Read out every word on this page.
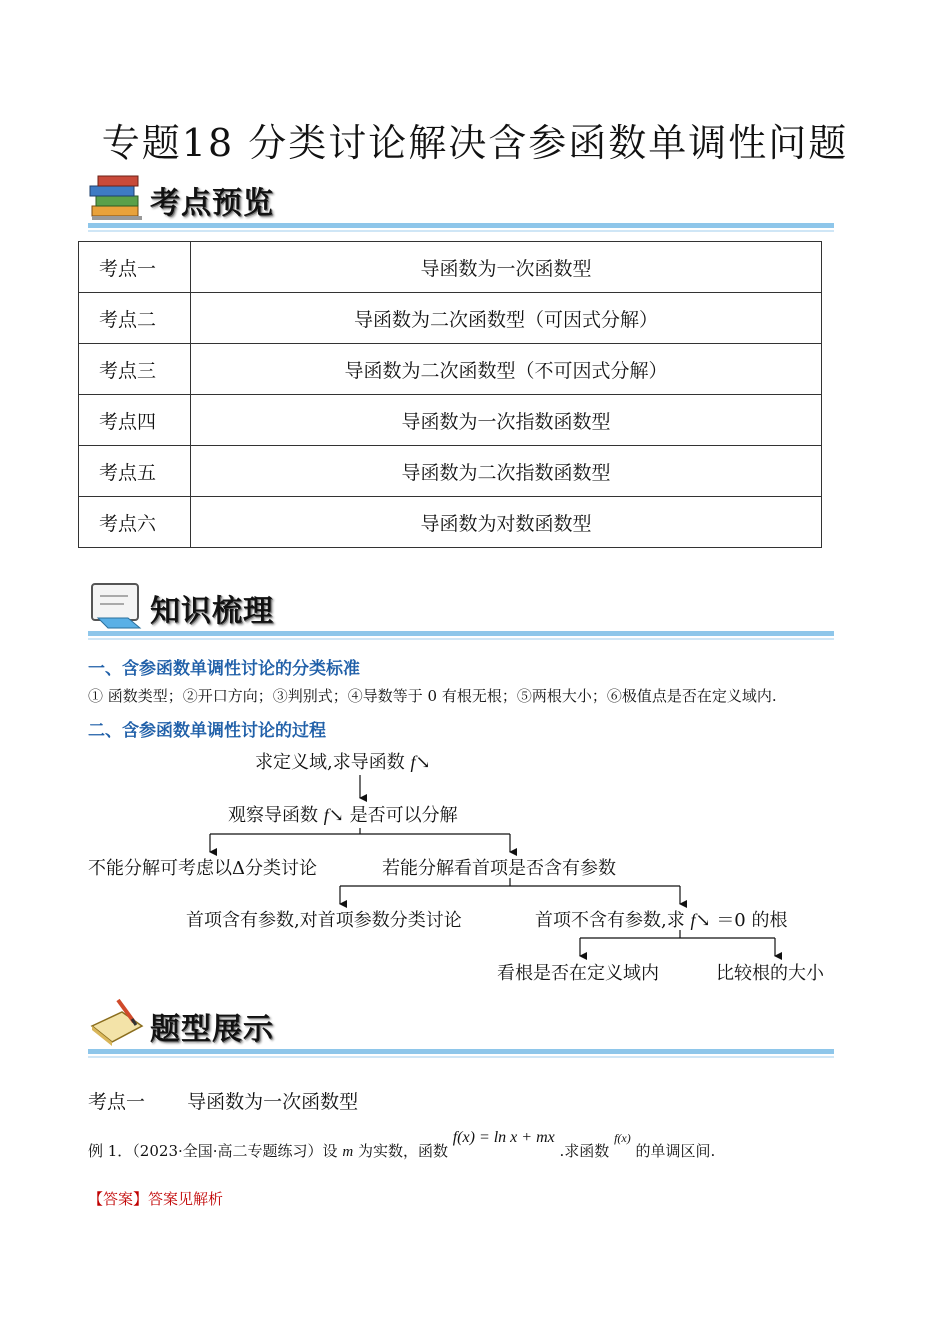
专题18 分类讨论解决含参函数单调性问题
考点预览
考点一	导函数为一次函数型
考点二	导函数为二次函数型（可因式分解）
考点三	导函数为二次函数型（不可因式分解）
考点四	导函数为一次指数函数型
考点五	导函数为二次指数函数型
考点六	导函数为对数函数型
知识梳理
一、含参函数单调性讨论的分类标准
① 函数类型；②开口方向；③判别式；④导数等于 0 有根无根；⑤两根大小；⑥极值点是否在定义域内.
二、含参函数单调性讨论的过程
求定义域,求导函数 f↘
观察导函数 f↘ 是否可以分解
不能分解可考虑以Δ分类讨论	若能分解看首项是否含有参数
首项含有参数,对首项参数分类讨论	首项不含有参数,求 f↘ ＝0 的根
看根是否在定义域内	比较根的大小
题型展示
考点一 导函数为一次函数型
例 1．（2023·全国·高二专题练习）设 m 为实数，函数 f(x) = ln x + mx .求函数 $^{f(x)}$ 的单调区间.
【答案】答案见解析
